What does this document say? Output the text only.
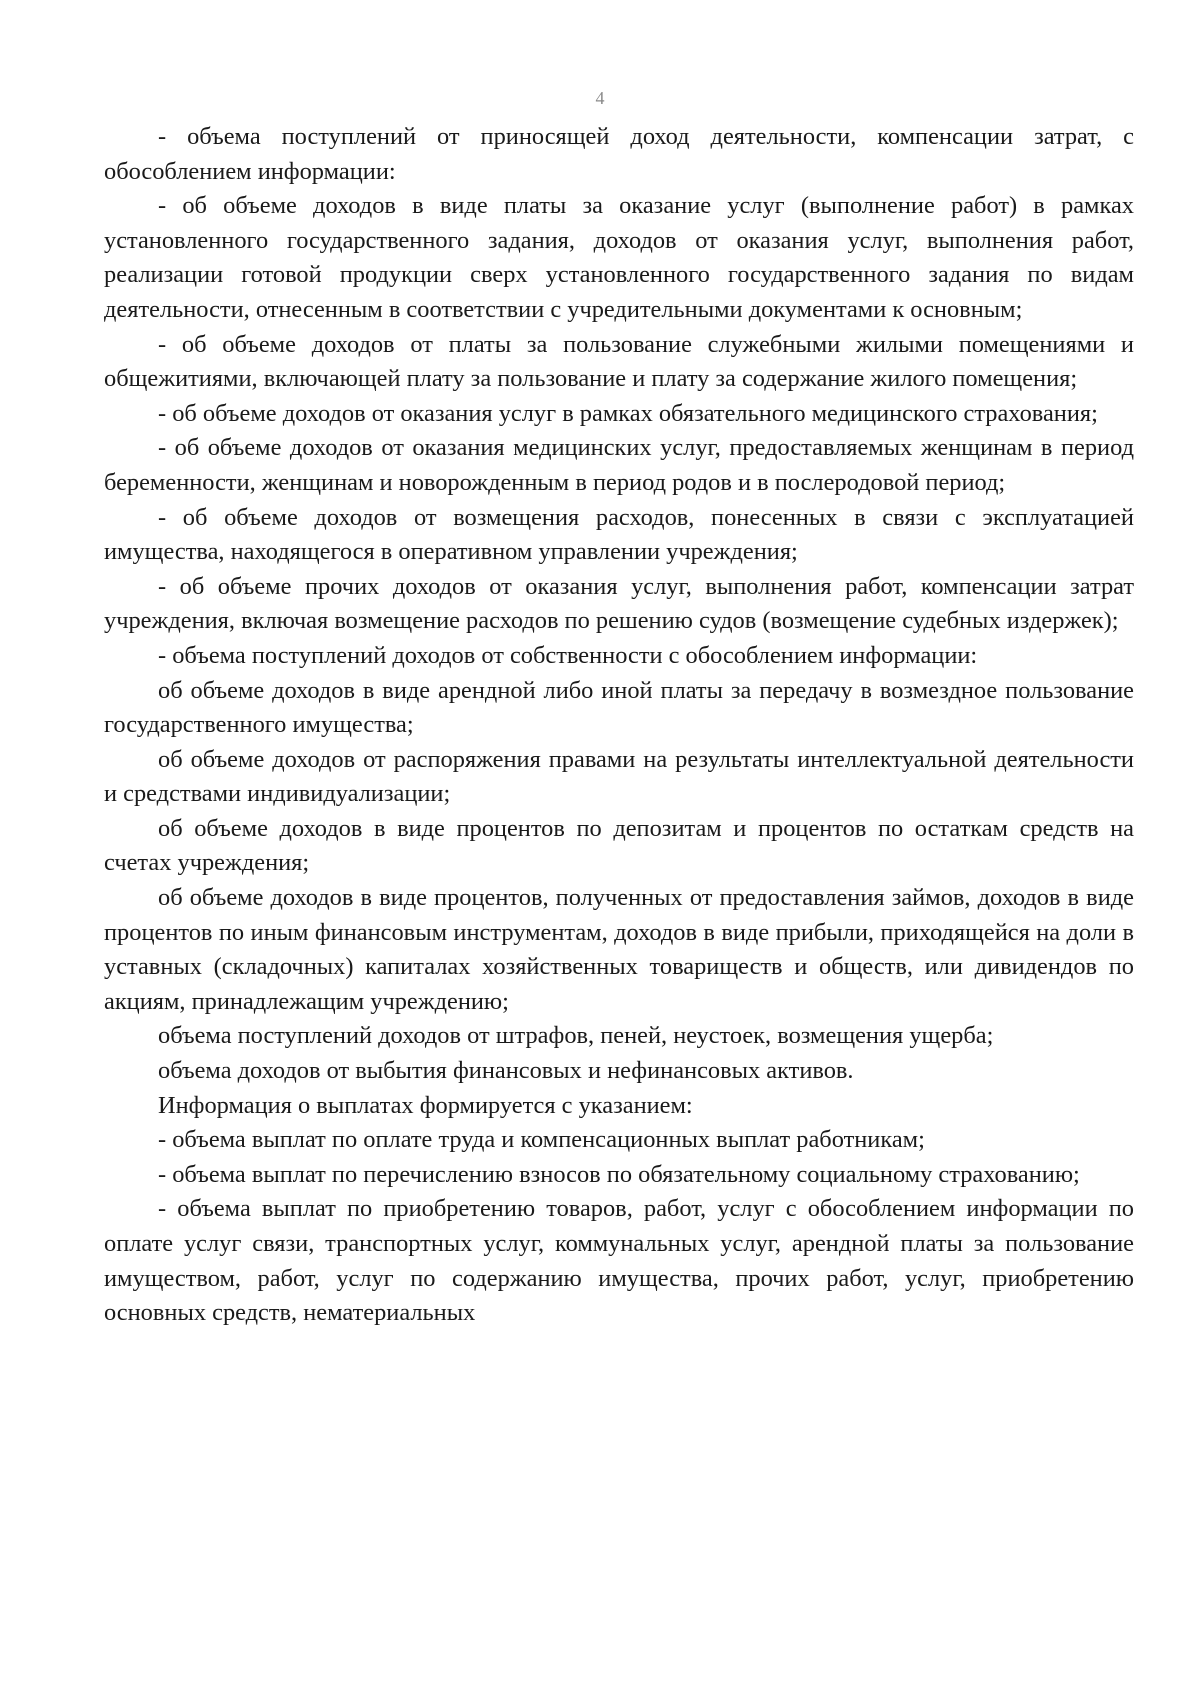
4

- объема поступлений от приносящей доход деятельности, компенсации затрат, с обособлением информации:

- об объеме доходов в виде платы за оказание услуг (выполнение работ) в рамках установленного государственного задания, доходов от оказания услуг, выполнения работ, реализации готовой продукции сверх установленного государственного задания по видам деятельности, отнесенным в соответствии с учредительными документами к основным;

- об объеме доходов от платы за пользование служебными жилыми помещениями и общежитиями, включающей плату за пользование и плату за содержание жилого помещения;

- об объеме доходов от оказания услуг в рамках обязательного медицинского страхования;

- об объеме доходов от оказания медицинских услуг, предоставляемых женщинам в период беременности, женщинам и новорожденным в период родов и в послеродовой период;

- об объеме доходов от возмещения расходов, понесенных в связи с эксплуатацией имущества, находящегося в оперативном управлении учреждения;

- об объеме прочих доходов от оказания услуг, выполнения работ, компенсации затрат учреждения, включая возмещение расходов по решению судов (возмещение судебных издержек);

- объема поступлений доходов от собственности с обособлением информации:

об объеме доходов в виде арендной либо иной платы за передачу в возмездное пользование государственного имущества;

об объеме доходов от распоряжения правами на результаты интеллектуальной деятельности и средствами индивидуализации;

об объеме доходов в виде процентов по депозитам и процентов по остаткам средств на счетах учреждения;

об объеме доходов в виде процентов, полученных от предоставления займов, доходов в виде процентов по иным финансовым инструментам, доходов в виде прибыли, приходящейся на доли в уставных (складочных) капиталах хозяйственных товариществ и обществ, или дивидендов по акциям, принадлежащим учреждению;

объема поступлений доходов от штрафов, пеней, неустоек, возмещения ущерба;

объема доходов от выбытия финансовых и нефинансовых активов.

Информация о выплатах формируется с указанием:

- объема выплат по оплате труда и компенсационных выплат работникам;

- объема выплат по перечислению взносов по обязательному социальному страхованию;

- объема выплат по приобретению товаров, работ, услуг с обособлением информации по оплате услуг связи, транспортных услуг, коммунальных услуг, арендной платы за пользование имуществом, работ, услуг по содержанию имущества, прочих работ, услуг, приобретению основных средств, нематериальных
